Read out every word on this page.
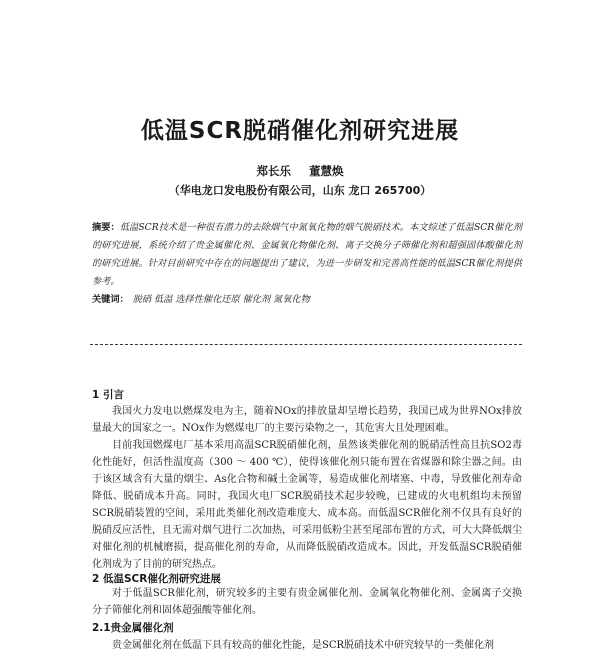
低温SCR脱硝催化剂研究进展
郑长乐 董慧焕
（华电龙口发电股份有限公司，山东 龙口 265700）
摘要：低温SCR技术是一种很有潜力的去除烟气中氮氧化物的烟气脱硝技术。本文综述了低温SCR催化剂的研究进展，系统介绍了贵金属催化剂、金属氧化物催化剂、离子交换分子筛催化剂和超强固体酸催化剂的研究进展。针对目前研究中存在的问题提出了建议，为进一步研发和完善高性能的低温SCR催化剂提供参考。
关键词： 脱硝 低温 选择性催化还原 催化剂 氮氧化物
1 引言
我国火力发电以燃煤发电为主，随着NOx的排放量却呈增长趋势，我国已成为世界NOx排放量最大的国家之一。NOx作为燃煤电厂的主要污染物之一，其危害大且处理困难。
目前我国燃煤电厂基本采用高温SCR脱硝催化剂，虽然该类催化剂的脱硝活性高且抗SO2毒化性能好，但活性温度高（300 ～ 400 ℃），使得该催化剂只能布置在省煤器和除尘器之间。由于该区域含有大量的烟尘、As化合物和碱土金属等，易造成催化剂堵塞、中毒，导致催化剂寿命降低、脱硝成本升高。同时，我国火电厂SCR脱硝技术起步较晚，已建成的火电机组均未预留SCR脱硝装置的空间，采用此类催化剂改造难度大、成本高。而低温SCR催化剂不仅具有良好的脱硝反应活性，且无需对烟气进行二次加热，可采用低粉尘甚至尾部布置的方式，可大大降低烟尘对催化剂的机械磨损，提高催化剂的寿命，从而降低脱硝改造成本。因此，开发低温SCR脱硝催化剂成为了目前的研究热点。
2 低温SCR催化剂研究进展
对于低温SCR催化剂，研究较多的主要有贵金属催化剂、金属氧化物催化剂、金属离子交换分子筛催化剂和固体超强酸等催化剂。
2.1贵金属催化剂
贵金属催化剂在低温下具有较高的催化性能，是SCR脱硝技术中研究较早的一类催化剂
